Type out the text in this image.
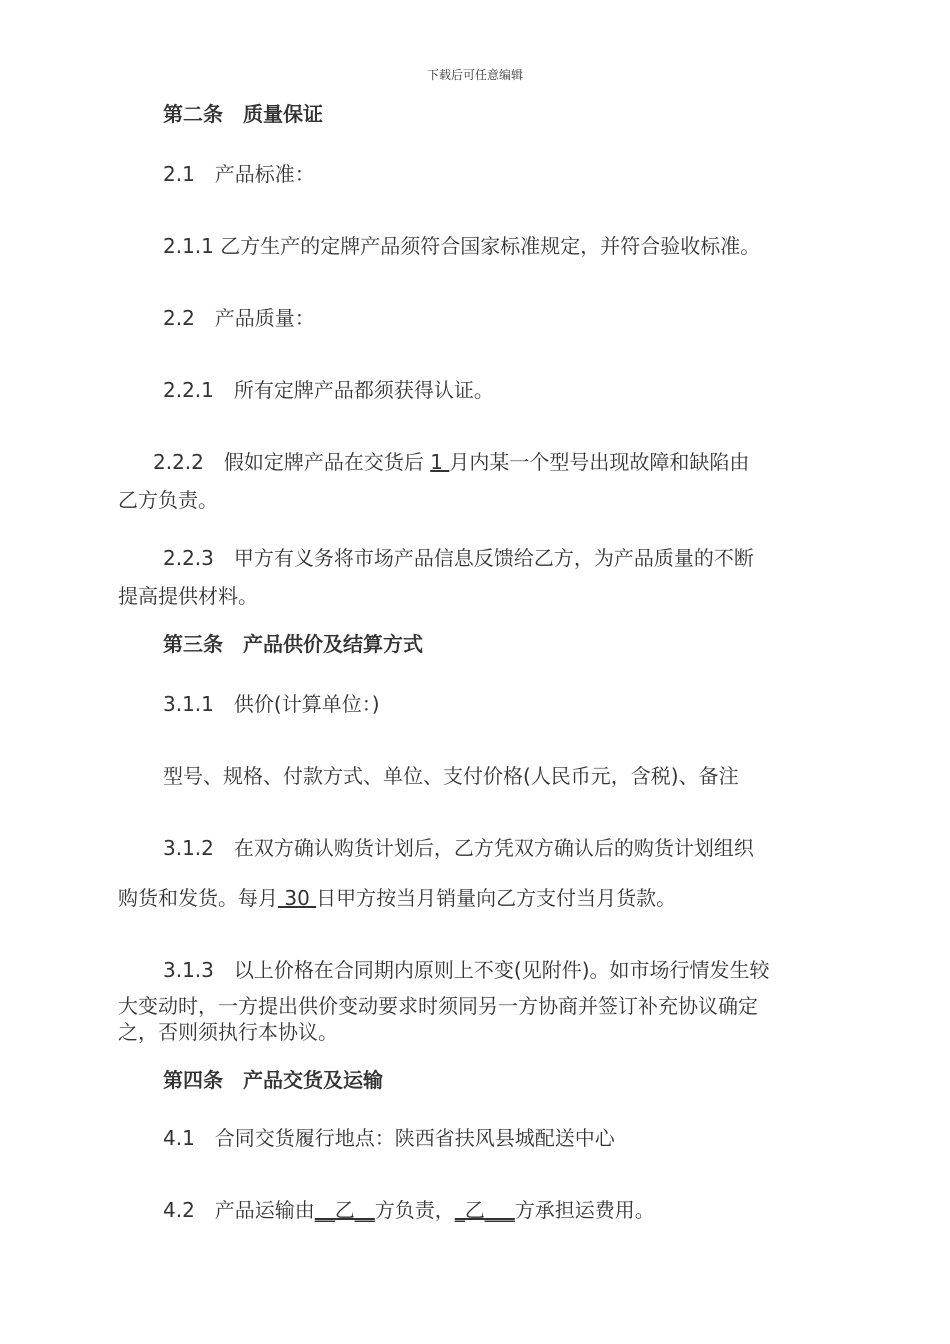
下载后可任意编辑
第二条　质量保证
2.1　产品标准：
2.1.1 乙方生产的定牌产品须符合国家标准规定，并符合验收标准。
2.2　产品质量：
2.2.1　所有定牌产品都须获得认证。
2.2.2　假如定牌产品在交货后 1 月内某一个型号出现故障和缺陷由
乙方负责。
2.2.3　甲方有义务将市场产品信息反馈给乙方，为产品质量的不断
提高提供材料。
第三条　产品供价及结算方式
3.1.1　供价(计算单位：)
型号、规格、付款方式、单位、支付价格(人民币元，含税)、备注
3.1.2　在双方确认购货计划后，乙方凭双方确认后的购货计划组织
购货和发货。每月 30 日甲方按当月销量向乙方支付当月货款。
3.1.3　以上价格在合同期内原则上不变(见附件)。如市场行情发生较
大变动时，一方提出供价变动要求时须同另一方协商并签订补充协议确定
之，否则须执行本协议。
第四条　产品交货及运输
4.1　合同交货履行地点：陕西省扶风县城配送中心
4.2　产品运输由__乙__方负责，_乙___方承担运费用。
